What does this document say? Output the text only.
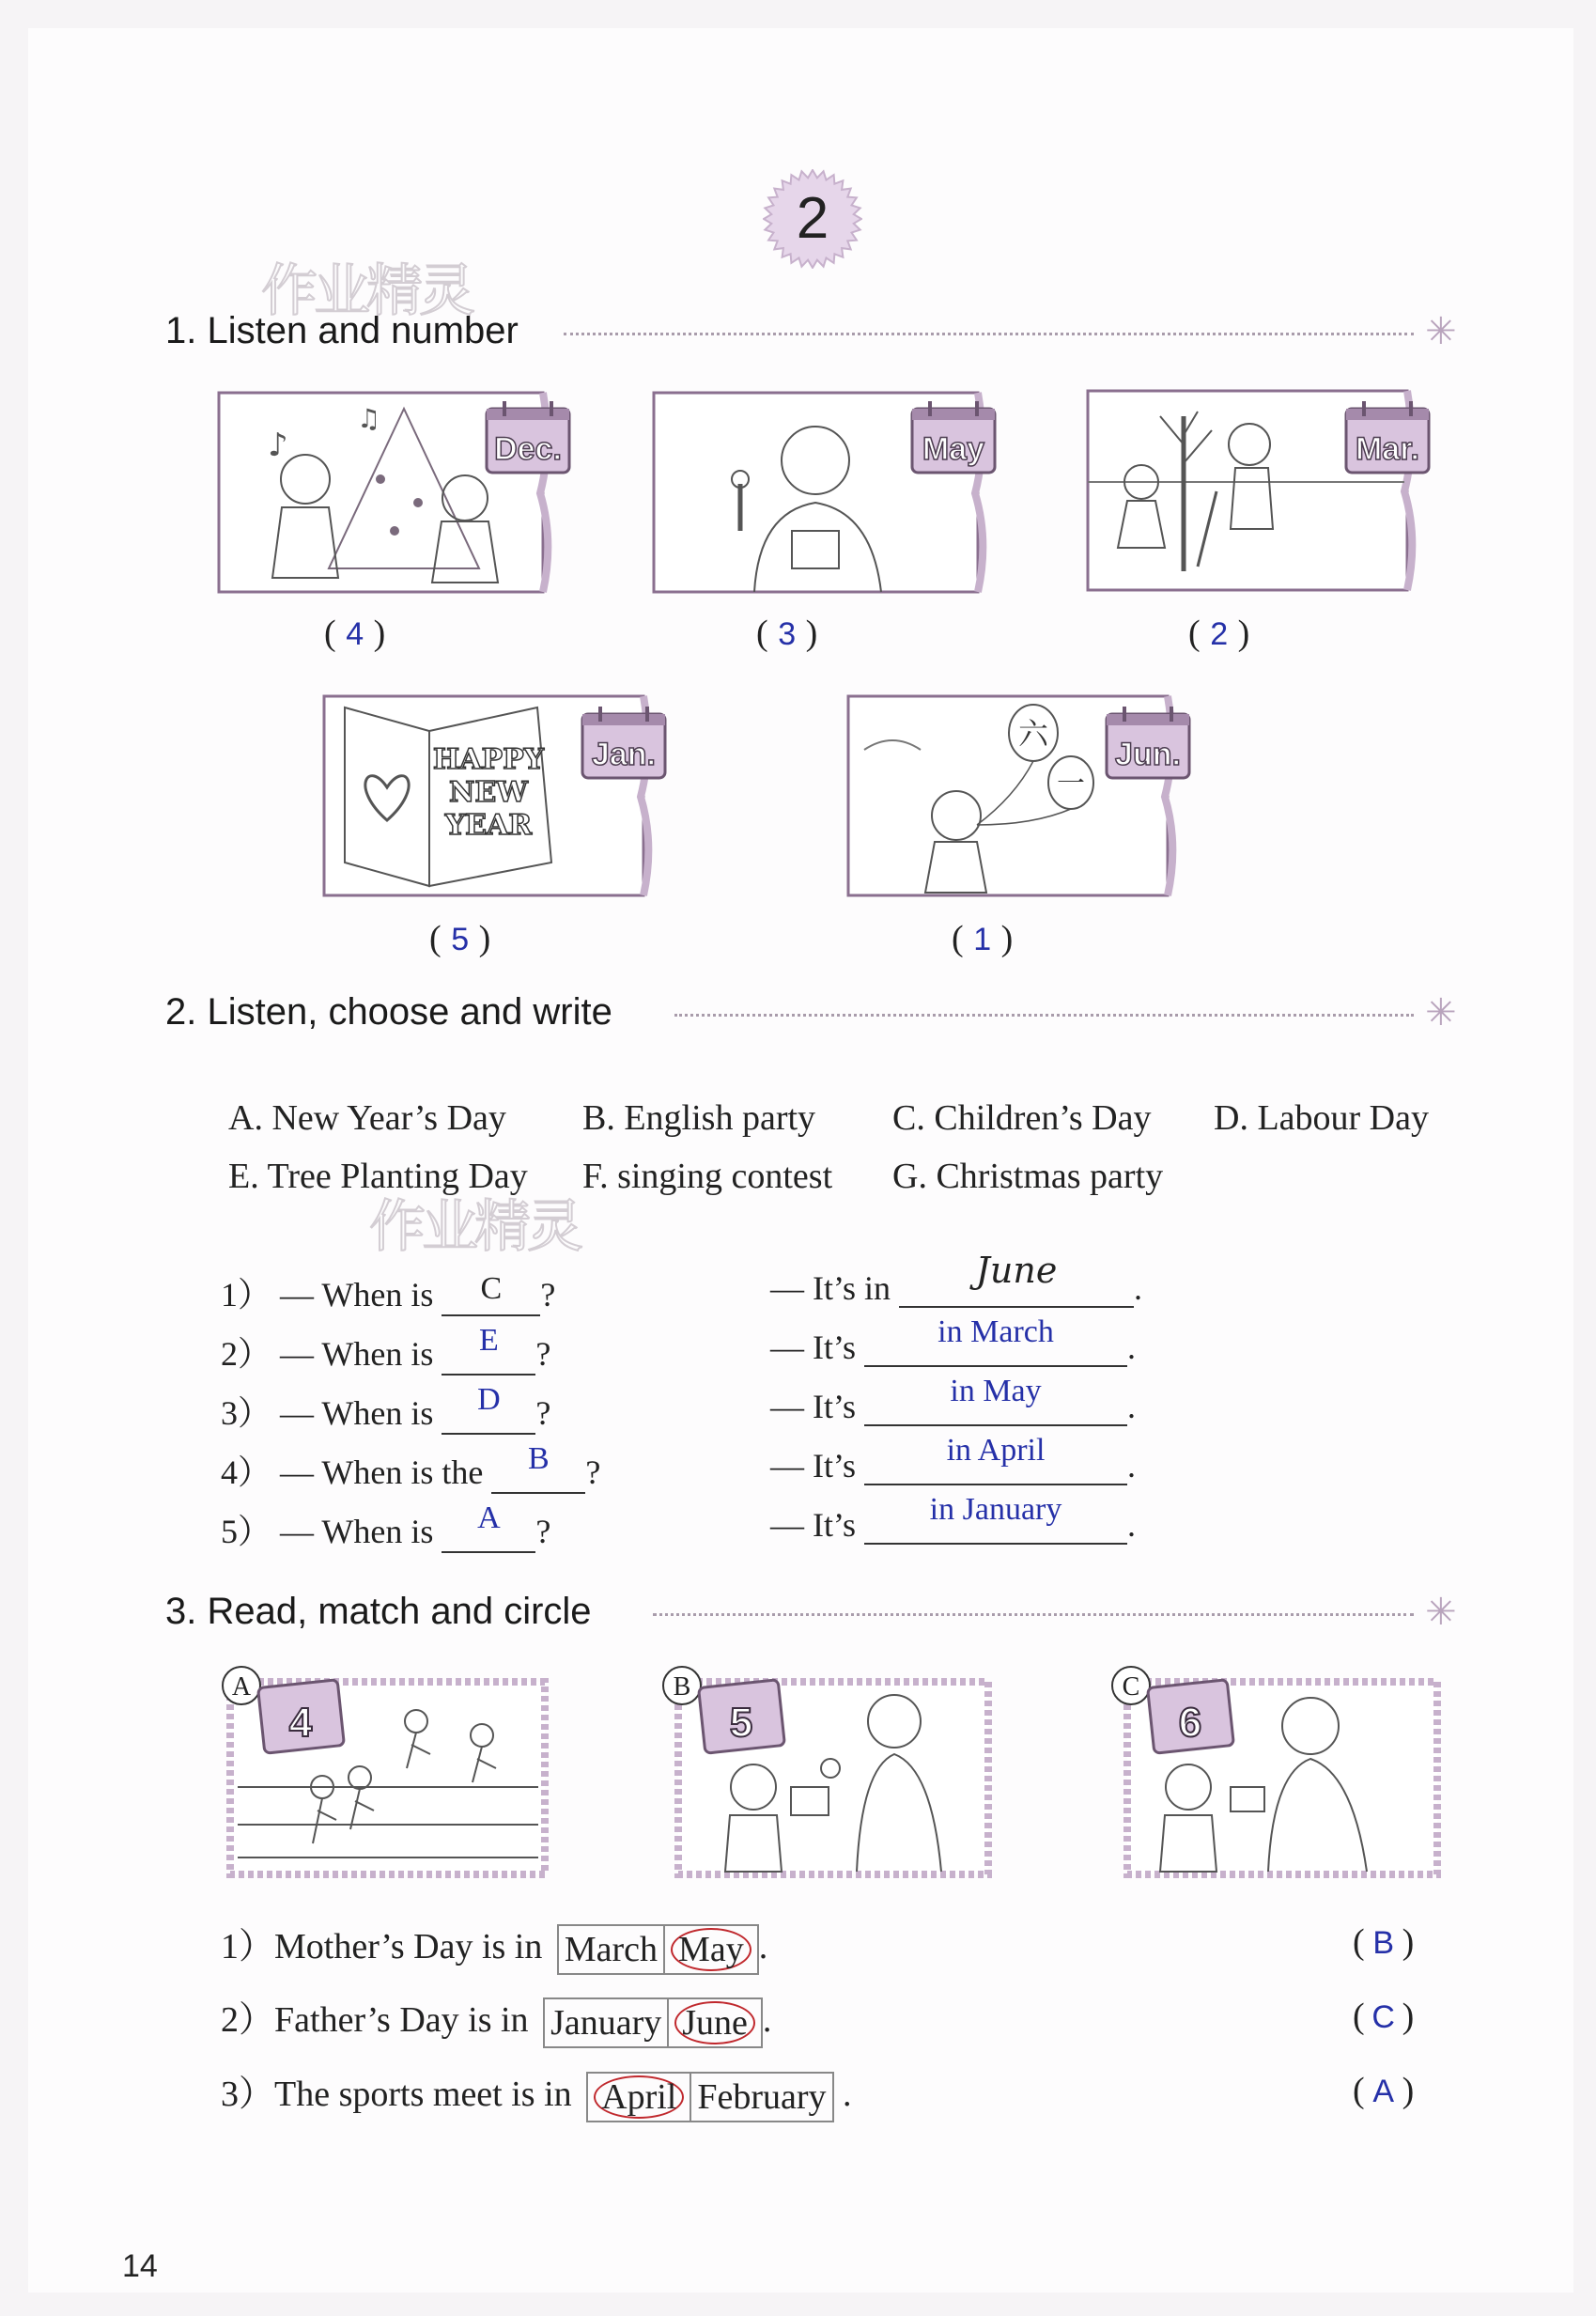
2
作业精灵
作业精灵
1. Listen and number	✳
♪
♫
Dec.
( 4 )
May
( 3 )
Mar.
( 2 )
HAPPY
NEW
YEAR
Jan.
( 5 )
六
一
Jun.
( 1 )
2. Listen, choose and write	✳
A. New Year’s Day B. English party C. Children’s Day D. Labour Day
E. Tree Planting Day F. singing contest G. Christmas party
1） — When is	C	?	— It’s in	June	.
2） — When is	E	?	— It’s	in March	.
3） — When is	D	?	— It’s	in May	.
4） — When is the	B	?	— It’s	in April	.
5） — When is	A	?	— It’s	in January	.
3. Read, match and circle	✳
A
4
B
5
C
6
1）Mother’s Day is in March May .	( B )
2）Father’s Day is in January June .	( C )
3）The sports meet is in April February .	( A )
14
